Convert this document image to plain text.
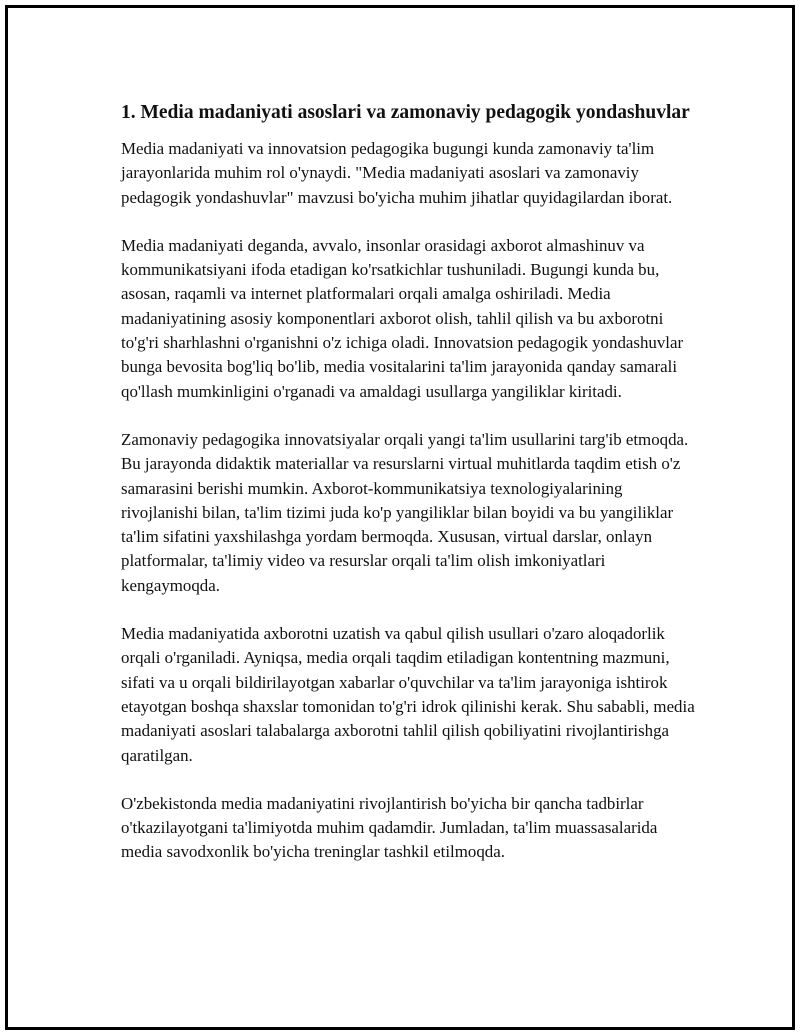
1. Media madaniyati asoslari va zamonaviy pedagogik yondashuvlar

Media madaniyati va innovatsion pedagogika bugungi kunda zamonaviy ta'lim jarayonlarida muhim rol o'ynaydi. "Media madaniyati asoslari va zamonaviy pedagogik yondashuvlar" mavzusi bo'yicha muhim jihatlar quyidagilardan iborat.

Media madaniyati deganda, avvalo, insonlar orasidagi axborot almashinuv va kommunikatsiyani ifoda etadigan ko'rsatkichlar tushuniladi. Bugungi kunda bu, asosan, raqamli va internet platformalari orqali amalga oshiriladi. Media madaniyatining asosiy komponentlari axborot olish, tahlil qilish va bu axborotni to'g'ri sharhlashni o'rganishni o'z ichiga oladi. Innovatsion pedagogik yondashuvlar bunga bevosita bog'liq bo'lib, media vositalarini ta'lim jarayonida qanday samarali qo'llash mumkinligini o'rganadi va amaldagi usullarga yangiliklar kiritadi.

Zamonaviy pedagogika innovatsiyalar orqali yangi ta'lim usullarini targ'ib etmoqda. Bu jarayonda didaktik materiallar va resurslarni virtual muhitlarda taqdim etish o'z samarasini berishi mumkin. Axborot-kommunikatsiya texnologiyalarining rivojlanishi bilan, ta'lim tizimi juda ko'p yangiliklar bilan boyidi va bu yangiliklar ta'lim sifatini yaxshilashga yordam bermoqda. Xususan, virtual darslar, onlayn platformalar, ta'limiy video va resurslar orqali ta'lim olish imkoniyatlari kengaymoqda.

Media madaniyatida axborotni uzatish va qabul qilish usullari o'zaro aloqadorlik orqali o'rganiladi. Ayniqsa, media orqali taqdim etiladigan kontentning mazmuni, sifati va u orqali bildirilayotgan xabarlar o'quvchilar va ta'lim jarayoniga ishtirok etayotgan boshqa shaxslar tomonidan to'g'ri idrok qilinishi kerak. Shu sababli, media madaniyati asoslari talabalarga axborotni tahlil qilish qobiliyatini rivojlantirishga qaratilgan.

O'zbekistonda media madaniyatini rivojlantirish bo'yicha bir qancha tadbirlar o'tkazilayotgani ta'limiyotda muhim qadamdir. Jumladan, ta'lim muassasalarida media savodxonlik bo'yicha treninglar tashkil etilmoqda.
